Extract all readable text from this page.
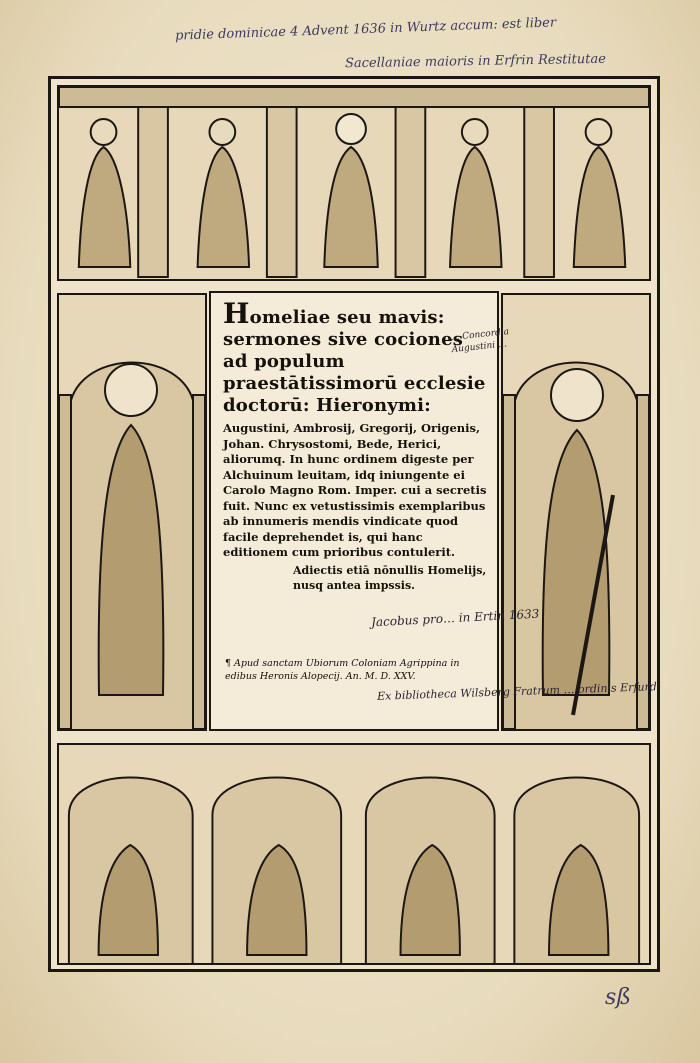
pridie dominicae 4 Advent 1636 in Wurtz accum: est liber
Sacellaniae maioris in Erfrin Restitutae
Homeliae seu mavis: sermones sive cociones ad populum praestātissimorū ecclesie doctorū: Hieronymi:
Augustini, Ambrosij, Gregorij, Origenis, Johan. Chrysostomi, Bede, Herici, aliorumq. In hunc ordinem digeste per Alchuinum leuitam, idq iniungente ei Carolo Magno Rom. Imper. cui a secretis fuit. Nunc ex vetustissimis exemplaribus ab innumeris mendis vindicate quod facile deprehendet is, qui hanc editionem cum prioribus contulerit.
Adiectis etiā nōnullis Homelijs, nusq antea impssis.
¶ Apud sanctam Ubiorum Coloniam Agrippina in edibus Heronis Alopecij. An. M. D. XXV.
Jacobus pro… in Ertin 1633
Ex bibliotheca Wilsberg Fratrum … ordinis Erfurd
… Concordia Augustini …
sß
